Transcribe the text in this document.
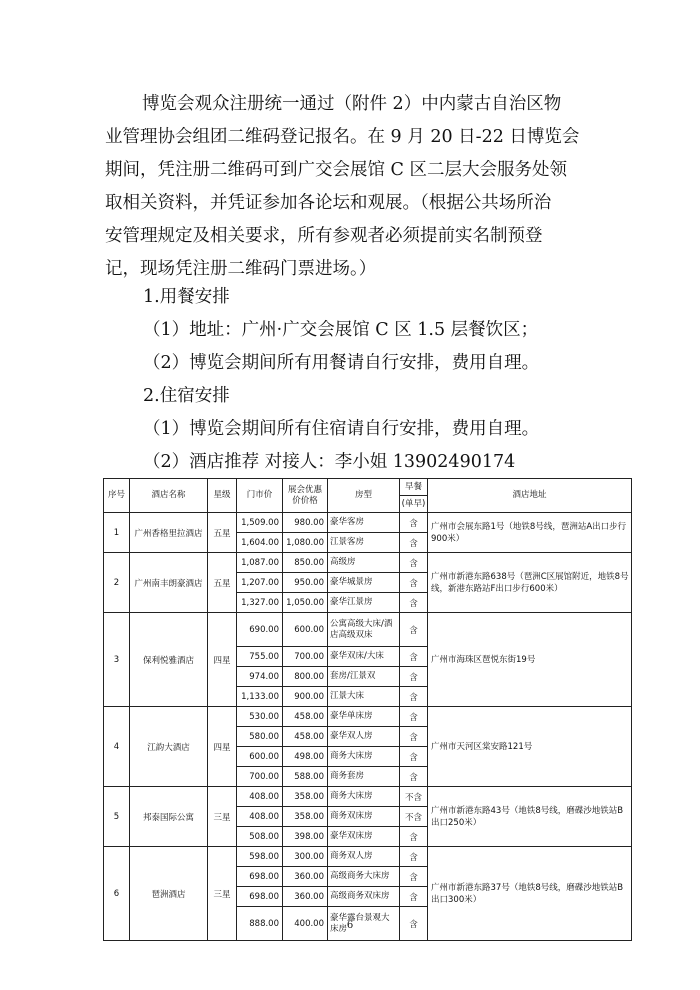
博览会观众注册统一通过（附件 2）中内蒙古自治区物
业管理协会组团二维码登记报名。在 9 月 20 日-22 日博览会
期间，凭注册二维码可到广交会展馆 C 区二层大会服务处领
取相关资料，并凭证参加各论坛和观展。（根据公共场所治
安管理规定及相关要求，所有参观者必须提前实名制预登
记，现场凭注册二维码门票进场。）
1.用餐安排
（1）地址：广州·广交会展馆 C 区 1.5 层餐饮区；
（2）博览会期间所有用餐请自行安排，费用自理。
2.住宿安排
（1）博览会期间所有住宿请自行安排，费用自理。
（2）酒店推荐 对接人：李小姐 13902490174
序号	酒店名称	星级	门市价	展会优惠价价格	房型	早餐
(单早)	酒店地址
1	广州香格里拉酒店	五星	1,509.00	980.00	豪华客房	含	广州市会展东路1号（地铁8号线，琶洲站A出口步行900米）
			1,604.00	1,080.00	江景客房	含	
2	广州南丰朗豪酒店	五星	1,087.00	850.00	高级房	含	广州市新港东路638号（琶洲C区展馆附近，地铁8号线，新港东路站F出口步行600米）
			1,207.00	950.00	豪华城景房	含	
			1,327.00	1,050.00	豪华江景房	含	
3	保利悦雅酒店	四星	690.00	600.00	公寓高级大床/酒店高级双床	含	广州市海珠区琶悦东街19号
			755.00	700.00	豪华双床/大床	含	
			974.00	800.00	套房/江景双	含	
			1,133.00	900.00	江景大床	含	
4	江韵大酒店	四星	530.00	458.00	豪华单床房	含	广州市天河区棠安路121号
			580.00	458.00	豪华双人房	含	
			600.00	498.00	商务大床房	含	
			700.00	588.00	商务套房	含	
5	邦泰国际公寓	三星	408.00	358.00	商务大床房	不含	广州市新港东路43号（地铁8号线，磨碟沙地铁站B出口250米）
			408.00	358.00	商务双床房	不含	
			508.00	398.00	豪华双床房	含	
6	琶洲酒店	三星	598.00	300.00	商务双人房	含	广州市新港东路37号（地铁8号线，磨碟沙地铁站B出口300米）
			698.00	360.00	高级商务大床房	含	
			698.00	360.00	高级商务双床房	含	
			888.00	400.00	豪华露台景观大床房	含	
6
